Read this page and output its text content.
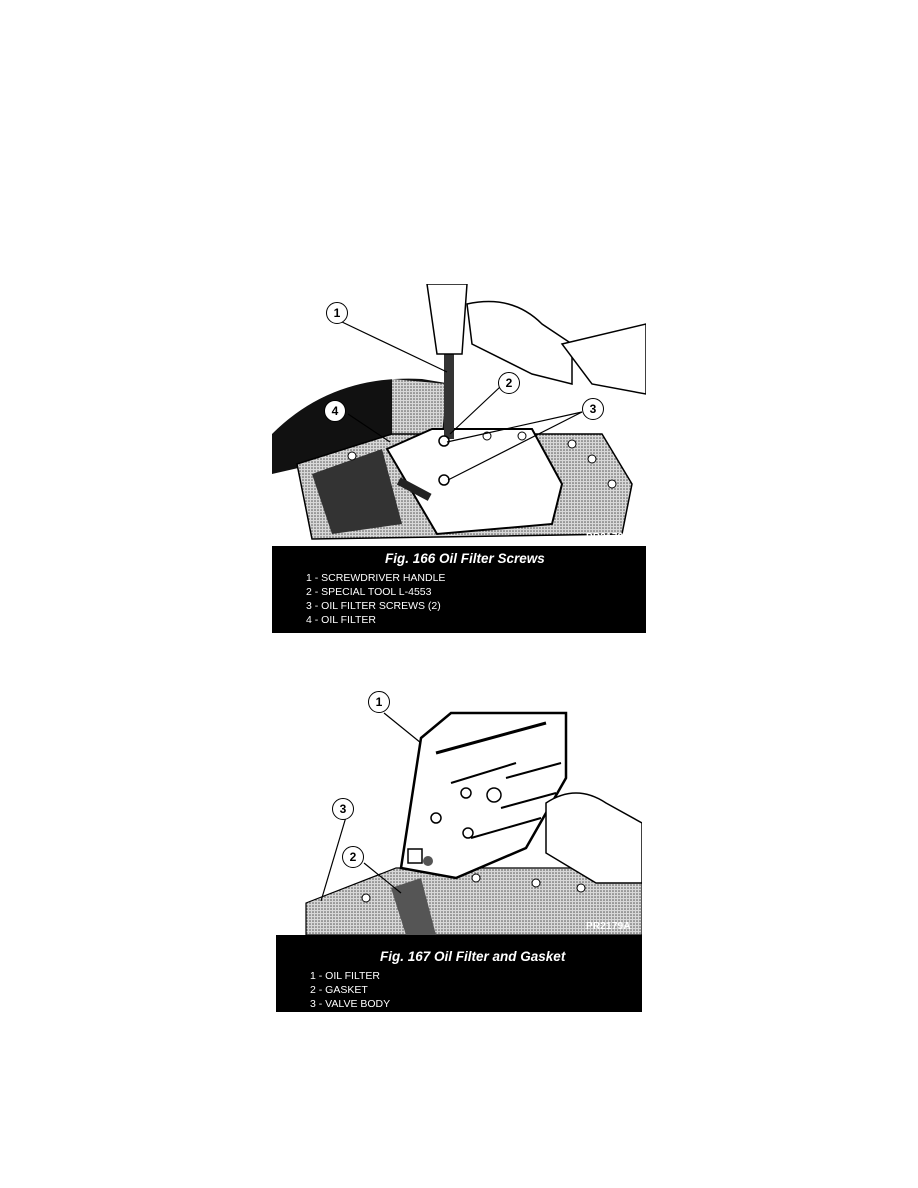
1
2
3
4
PR2178B
Fig. 166 Oil Filter Screws
1 - SCREWDRIVER HANDLE
2 - SPECIAL TOOL L-4553
3 - OIL FILTER SCREWS (2)
4 - OIL FILTER
1
2
3
PR2179A
Fig. 167 Oil Filter and Gasket
1 - OIL FILTER
2 - GASKET
3 - VALVE BODY
